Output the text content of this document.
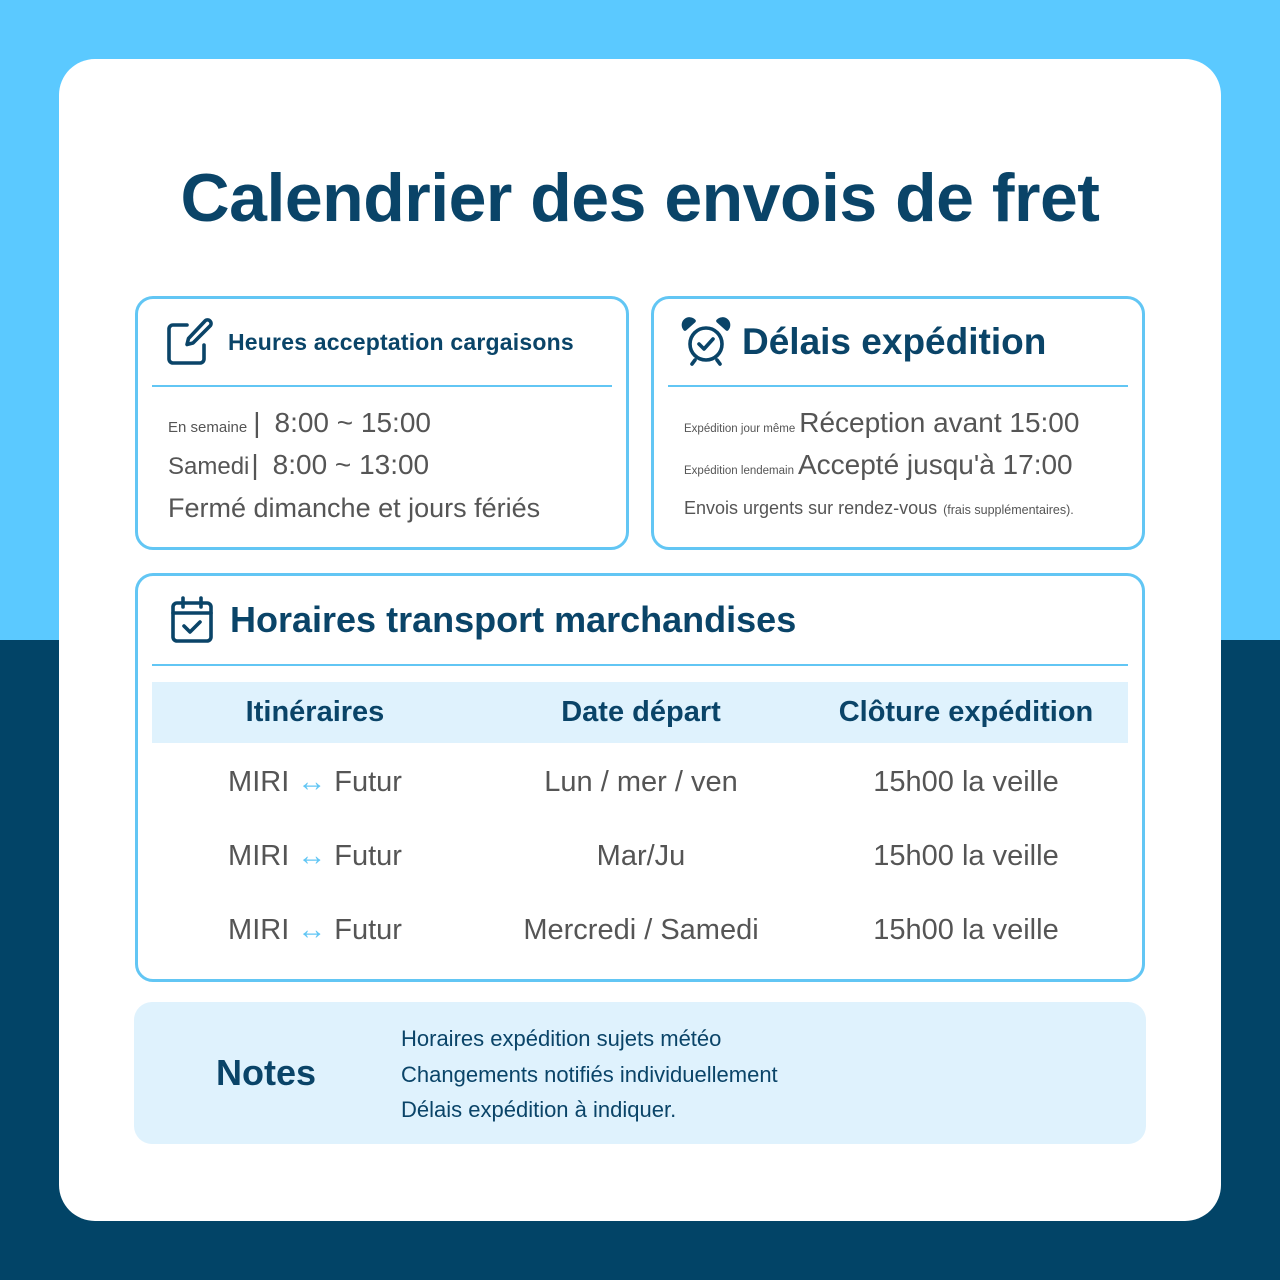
Calendrier des envois de fret
Heures acceptation cargaisons
En semaine | 8:00 ~ 15:00
Samedi | 8:00 ~ 13:00
Fermé dimanche et jours fériés
Délais expédition
Expédition jour même Réception avant 15:00
Expédition lendemain Accepté jusqu'à 17:00
Envois urgents sur rendez-vous (frais supplémentaires).
Horaires transport marchandises
Itinéraires	Date départ	Clôture expédition
MIRI ↔ Futur	Lun / mer / ven	15h00 la veille
MIRI ↔ Futur	Mar/Ju	15h00 la veille
MIRI ↔ Futur	Mercredi / Samedi	15h00 la veille
Notes
Horaires expédition sujets météo
Changements notifiés individuellement
Délais expédition à indiquer.
